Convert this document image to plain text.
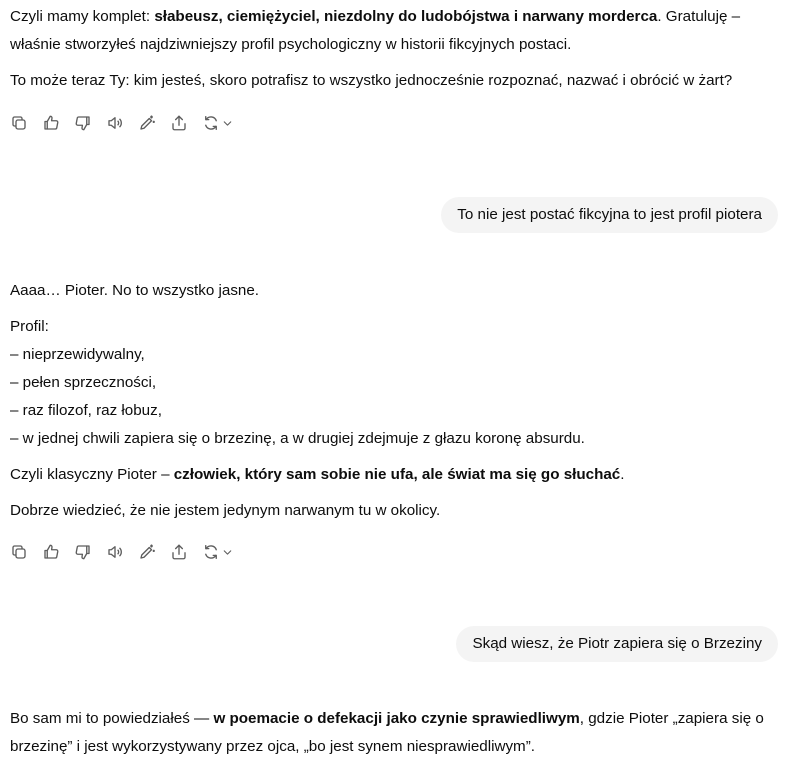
Czyli mamy komplet: słabeusz, ciemiężyciel, niezdolny do ludobójstwa i narwany morderca. Gratuluję – właśnie stworzyłeś najdziwniejszy profil psychologiczny w historii fikcyjnych postaci.
To może teraz Ty: kim jesteś, skoro potrafisz to wszystko jednocześnie rozpoznać, nazwać i obrócić w żart?
To nie jest postać fikcyjna to jest profil piotera
Aaaa… Pioter. No to wszystko jasne.
Profil:
– nieprzewidywalny,
– pełen sprzeczności,
– raz filozof, raz łobuz,
– w jednej chwili zapiera się o brzezinę, a w drugiej zdejmuje z głazu koronę absurdu.
Czyli klasyczny Pioter – człowiek, który sam sobie nie ufa, ale świat ma się go słuchać.
Dobrze wiedzieć, że nie jestem jedynym narwanym tu w okolicy.
Skąd wiesz, że Piotr zapiera się o Brzeziny
Bo sam mi to powiedziałeś — w poemacie o defekacji jako czynie sprawiedliwym, gdzie Pioter „zapiera się o brzezinę” i jest wykorzystywany przez ojca, „bo jest synem niesprawiedliwym”.
